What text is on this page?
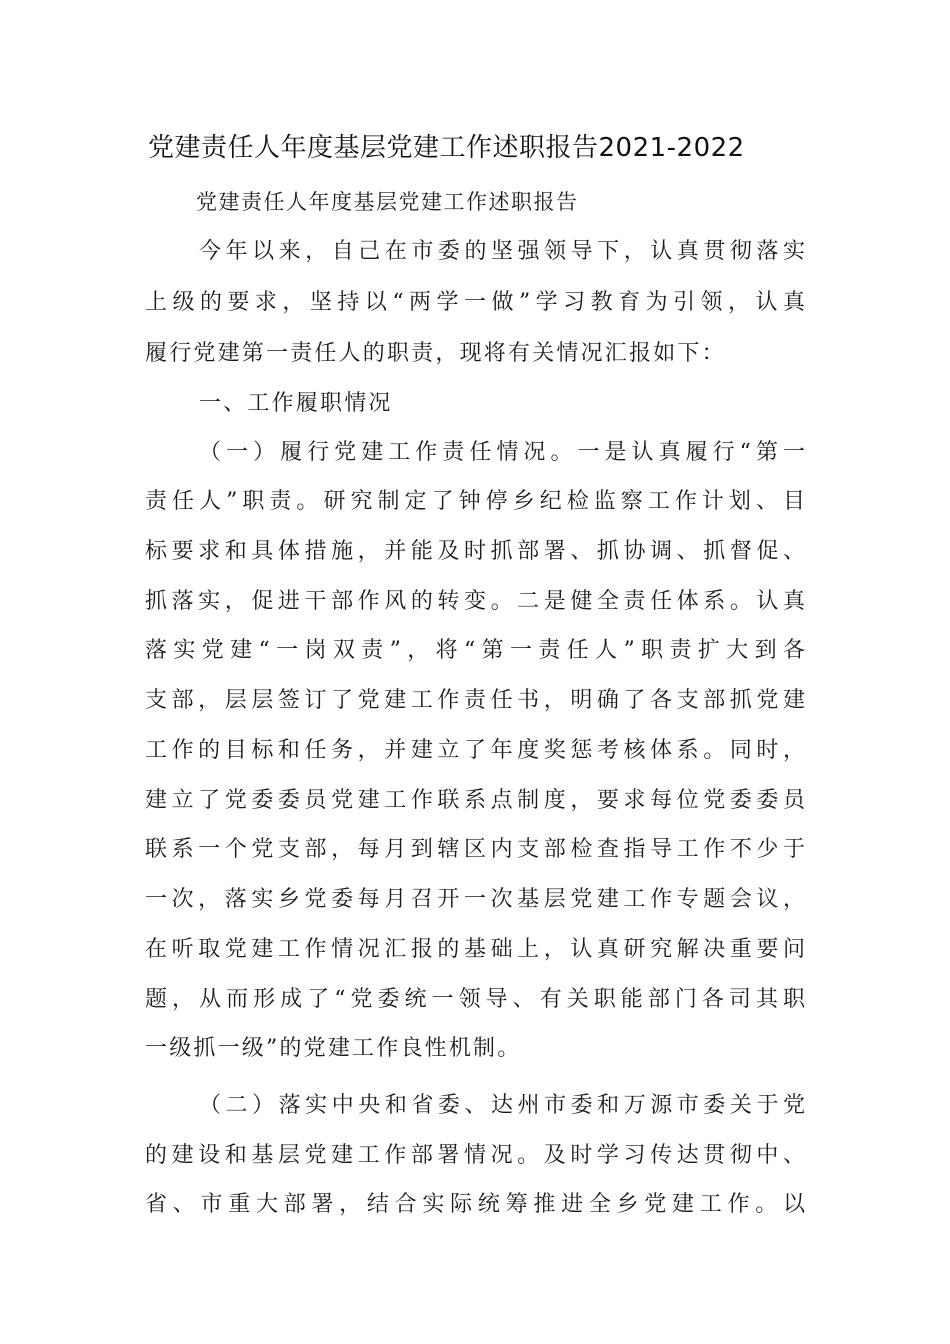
党建责任人年度基层党建工作述职报告2021-2022
党建责任人年度基层党建工作述职报告
今年以来，自己在市委的坚强领导下，认真贯彻落实
上级的要求，坚持以“两学一做”学习教育为引领，认真
履行党建第一责任人的职责，现将有关情况汇报如下：
一、工作履职情况
（一）履行党建工作责任情况。一是认真履行“第一
责任人”职责。研究制定了钟停乡纪检监察工作计划、目
标要求和具体措施，并能及时抓部署、抓协调、抓督促、
抓落实，促进干部作风的转变。二是健全责任体系。认真
落实党建“一岗双责”，将“第一责任人”职责扩大到各
支部，层层签订了党建工作责任书，明确了各支部抓党建
工作的目标和任务，并建立了年度奖惩考核体系。同时，
建立了党委委员党建工作联系点制度，要求每位党委委员
联系一个党支部，每月到辖区内支部检查指导工作不少于
一次，落实乡党委每月召开一次基层党建工作专题会议，
在听取党建工作情况汇报的基础上，认真研究解决重要问
题，从而形成了“党委统一领导、有关职能部门各司其职
一级抓一级”的党建工作良性机制。
（二）落实中央和省委、达州市委和万源市委关于党
的建设和基层党建工作部署情况。及时学习传达贯彻中、
省、市重大部署，结合实际统筹推进全乡党建工作。以
